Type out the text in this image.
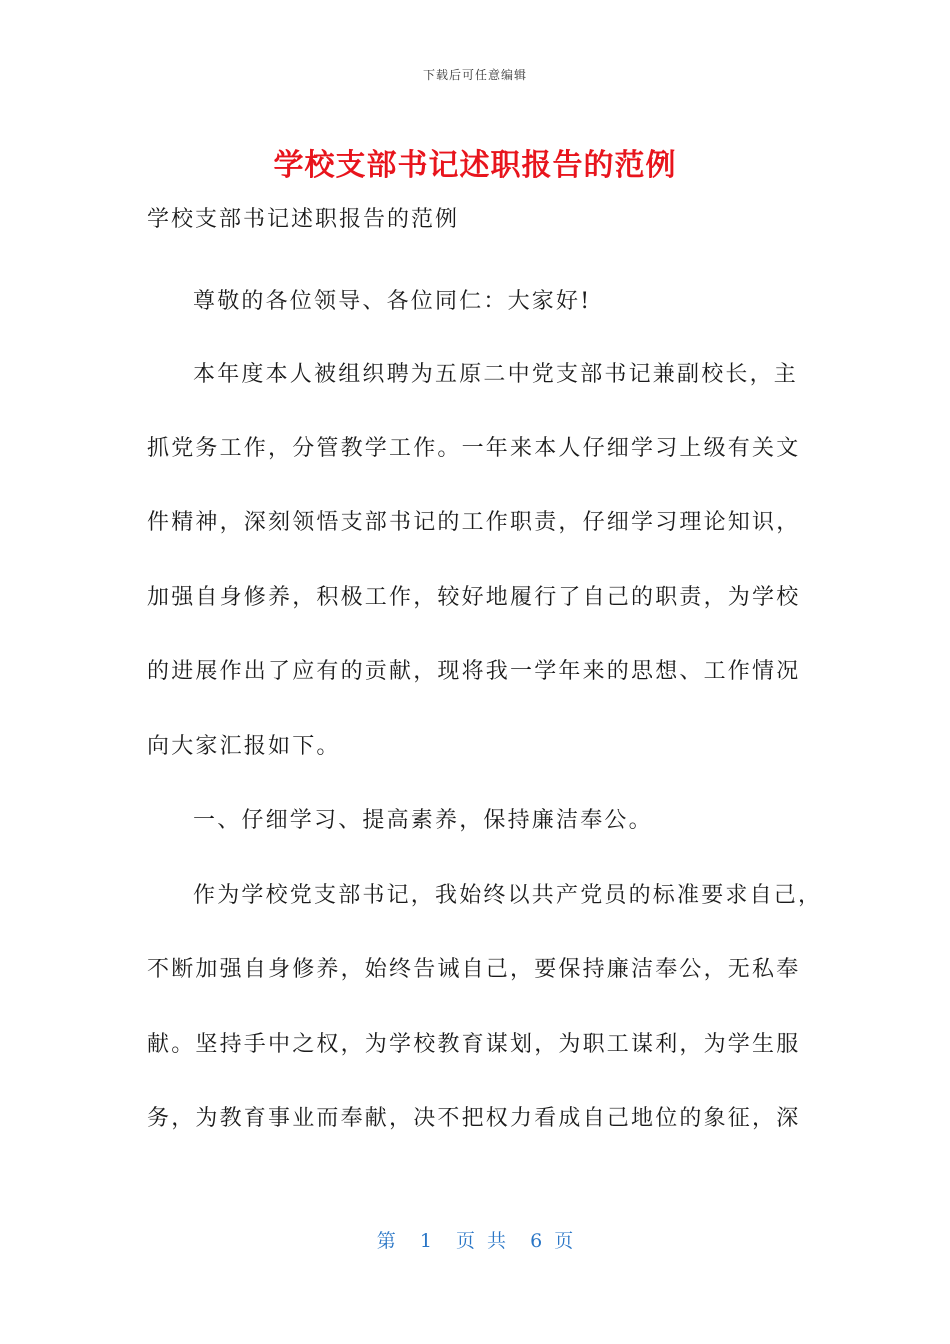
下载后可任意编辑
学校支部书记述职报告的范例

学校支部书记述职报告的范例

尊敬的各位领导、各位同仁：大家好!

本年度本人被组织聘为五原二中党支部书记兼副校长，主

抓党务工作，分管教学工作。一年来本人仔细学习上级有关文

件精神，深刻领悟支部书记的工作职责，仔细学习理论知识，

加强自身修养，积极工作，较好地履行了自己的职责，为学校

的进展作出了应有的贡献，现将我一学年来的思想、工作情况

向大家汇报如下。

一、仔细学习、提高素养，保持廉洁奉公。

作为学校党支部书记，我始终以共产党员的标准要求自己，

不断加强自身修养，始终告诫自己，要保持廉洁奉公，无私奉

献。坚持手中之权，为学校教育谋划，为职工谋利，为学生服

务，为教育事业而奉献，决不把权力看成自己地位的象征，深

第 1 页 共 6 页
